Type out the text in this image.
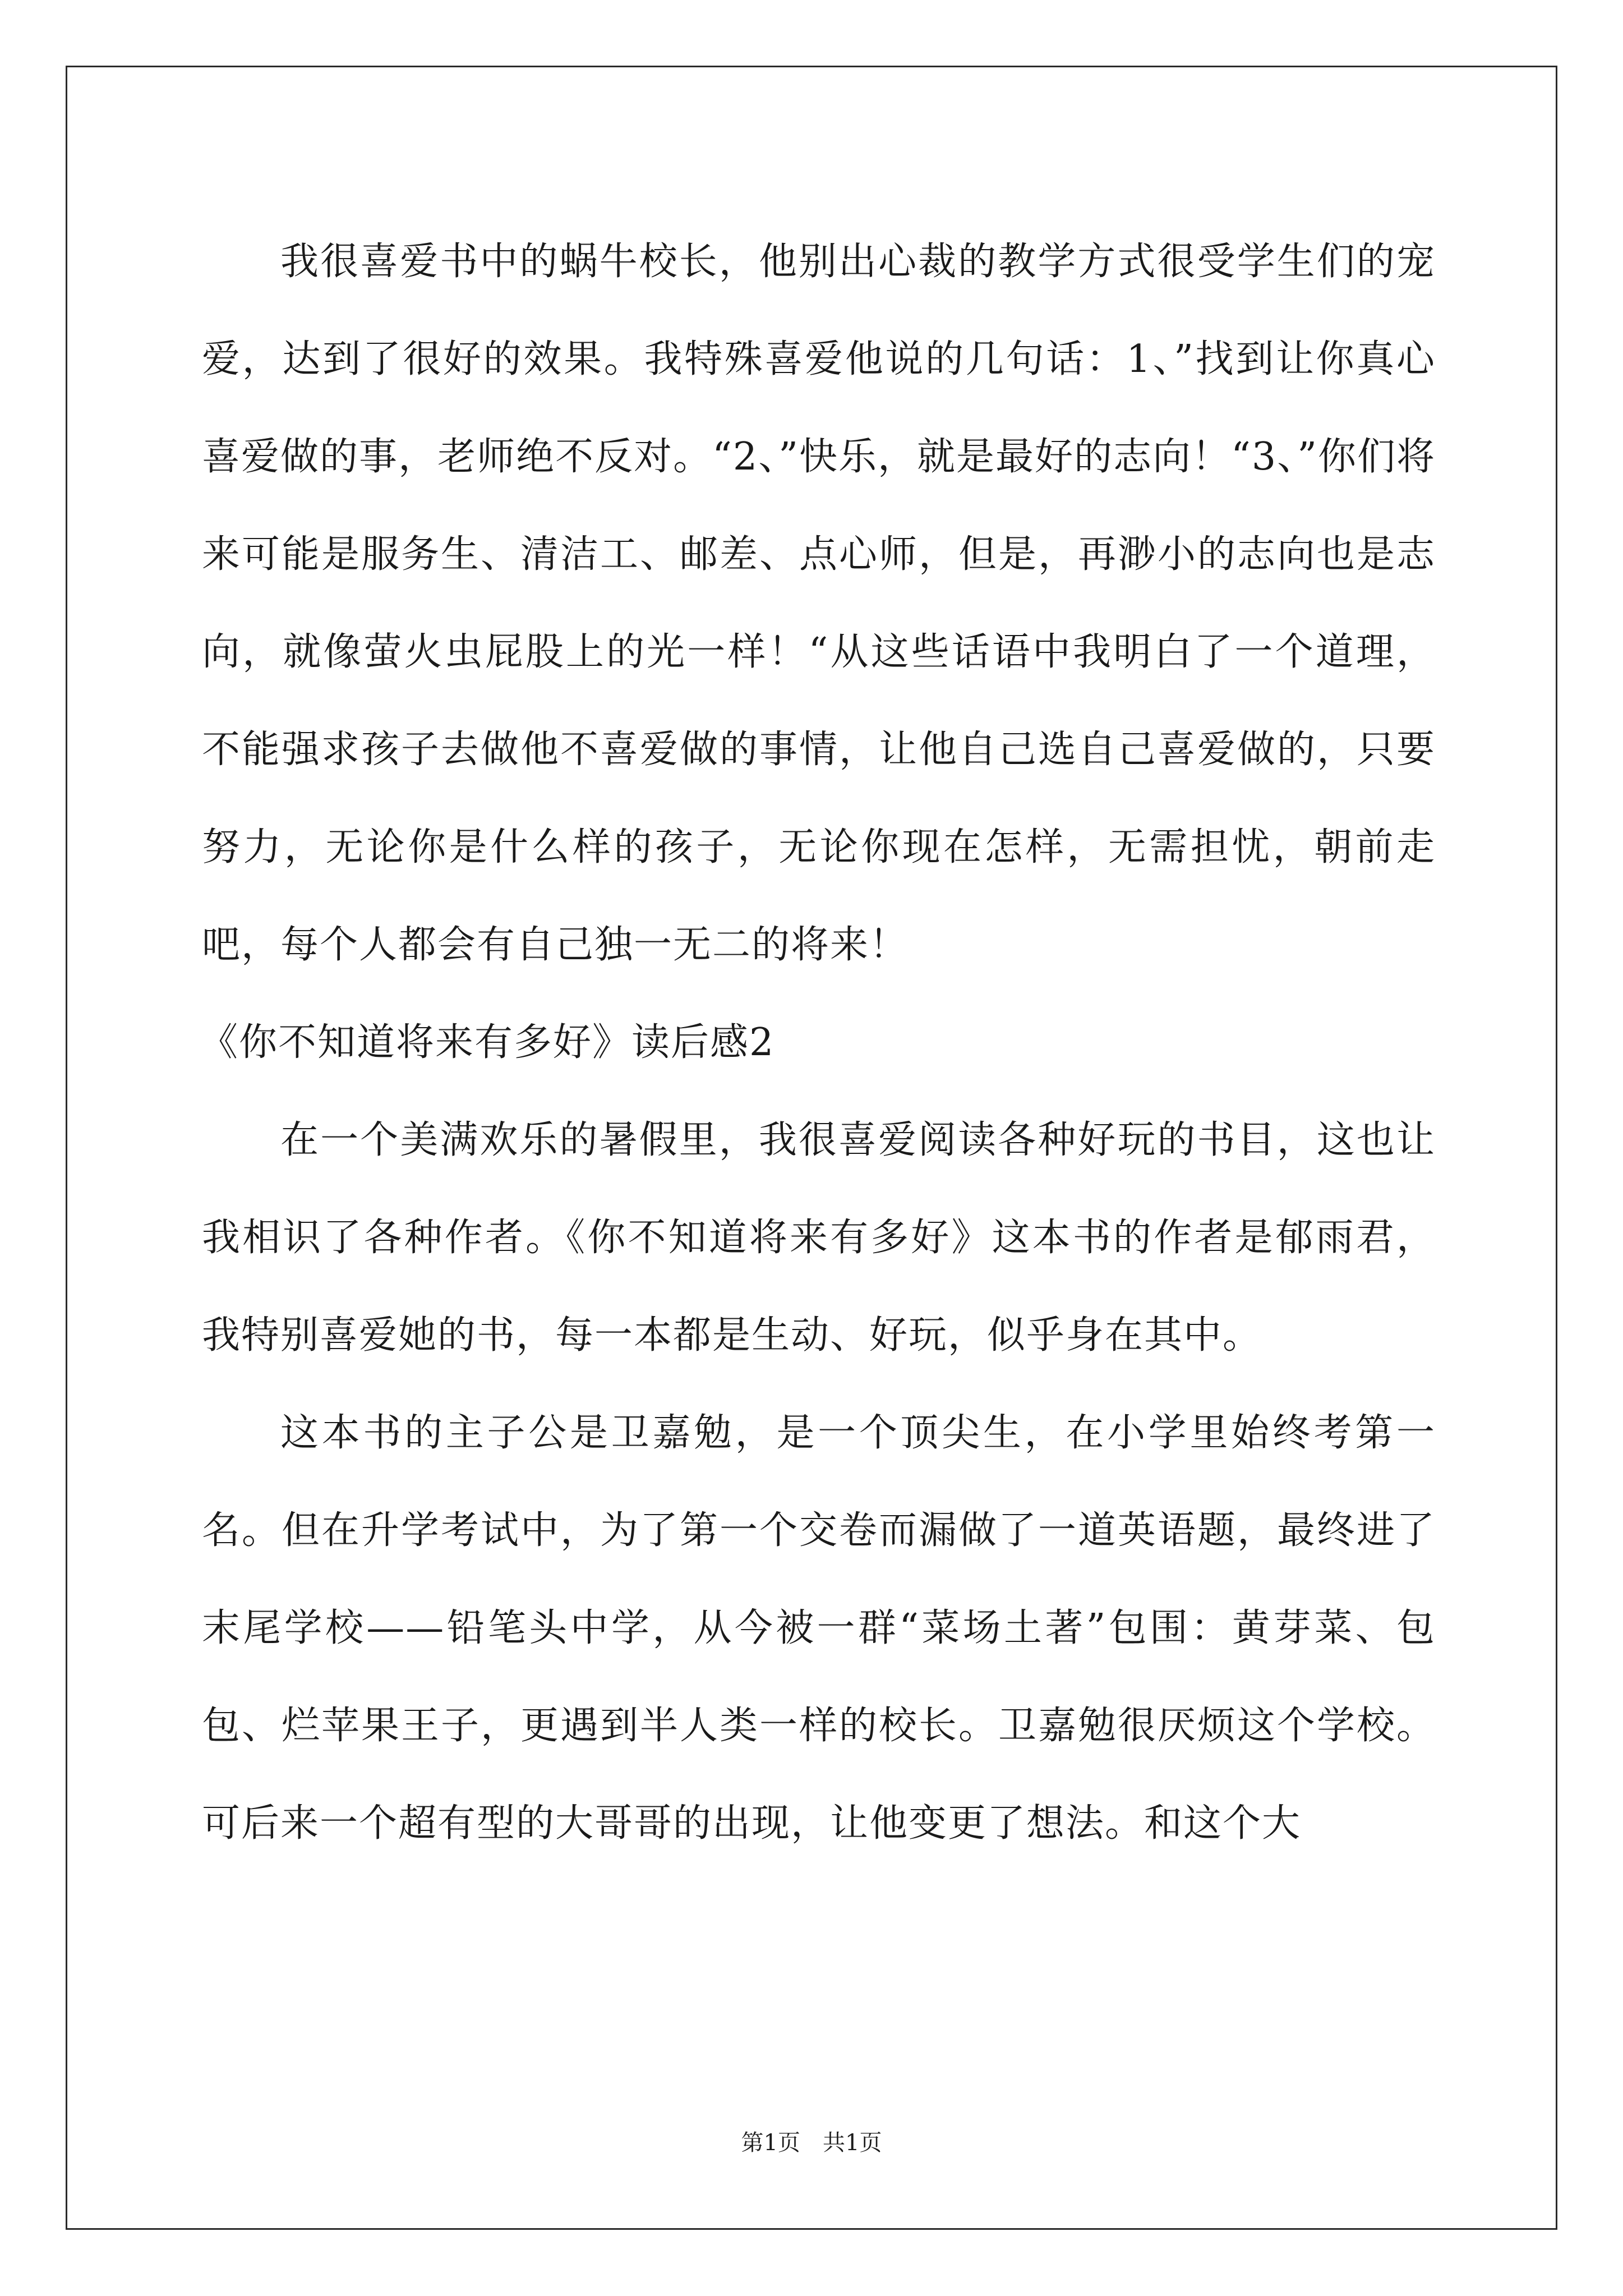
我很喜爱书中的蜗牛校长，他别出心裁的教学方式很受学生们的宠爱，达到了很好的效果。我特殊喜爱他说的几句话：1、”找到让你真心喜爱做的事，老师绝不反对。“2、”快乐，就是最好的志向！“3、”你们将来可能是服务生、清洁工、邮差、点心师，但是，再渺小的志向也是志向，就像萤火虫屁股上的光一样！“从这些话语中我明白了一个道理，不能强求孩子去做他不喜爱做的事情，让他自己选自己喜爱做的，只要努力，无论你是什么样的孩子，无论你现在怎样，无需担忧，朝前走吧，每个人都会有自己独一无二的将来！

《你不知道将来有多好》读后感2

在一个美满欢乐的暑假里，我很喜爱阅读各种好玩的书目，这也让我相识了各种作者。《你不知道将来有多好》这本书的作者是郁雨君，我特别喜爱她的书，每一本都是生动、好玩，似乎身在其中。

这本书的主子公是卫嘉勉，是一个顶尖生，在小学里始终考第一名。但在升学考试中，为了第一个交卷而漏做了一道英语题，最终进了末尾学校——铅笔头中学，从今被一群“菜场土著”包围：黄芽菜、包包、烂苹果王子，更遇到半人类一样的校长。卫嘉勉很厌烦这个学校。可后来一个超有型的大哥哥的出现，让他变更了想法。和这个大

第1页 共1页
